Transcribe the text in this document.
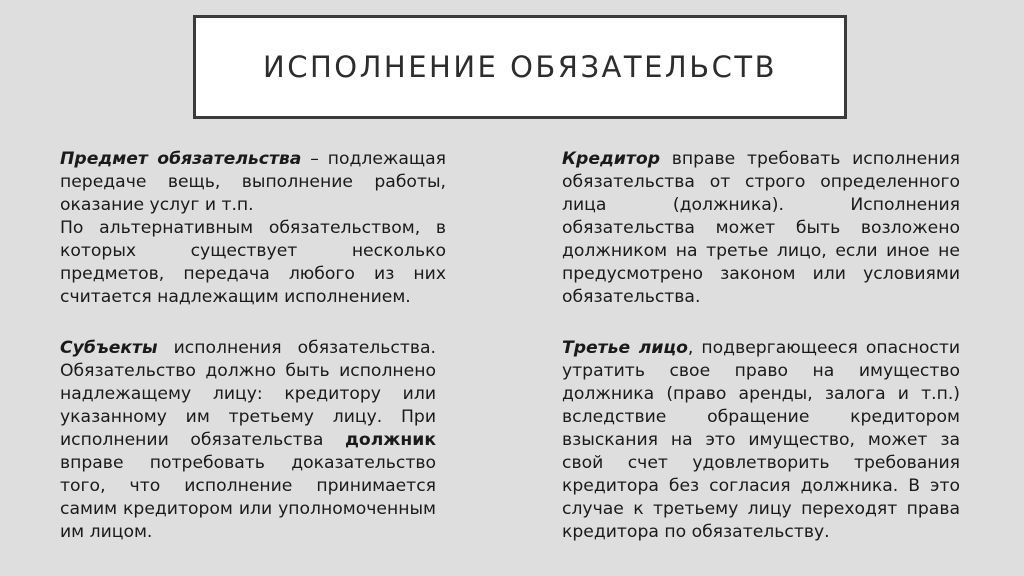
ИСПОЛНЕНИЕ ОБЯЗАТЕЛЬСТВ

Предмет обязательства – подлежащая передаче вещь, выполнение работы, оказание услуг и т.п.

По альтернативным обязательством, в которых существует несколько предметов, передача любого из них считается надлежащим исполнением.

Субъекты исполнения обязательства. Обязательство должно быть исполнено надлежащему лицу: кредитору или указанному им третьему лицу. При исполнении обязательства должник вправе потребовать доказательство того, что исполнение принимается самим кредитором или уполномоченным им лицом.

Кредитор вправе требовать исполнения обязательства от строго определенного лица (должника). Исполнения обязательства может быть возложено должником на третье лицо, если иное не предусмотрено законом или условиями обязательства.

Третье лицо, подвергающееся опасности утратить свое право на имущество должника (право аренды, залога и т.п.) вследствие обращение кредитором взыскания на это имущество, может за свой счет удовлетворить требования кредитора без согласия должника. В это случае к третьему лицу переходят права кредитора по обязательству.
